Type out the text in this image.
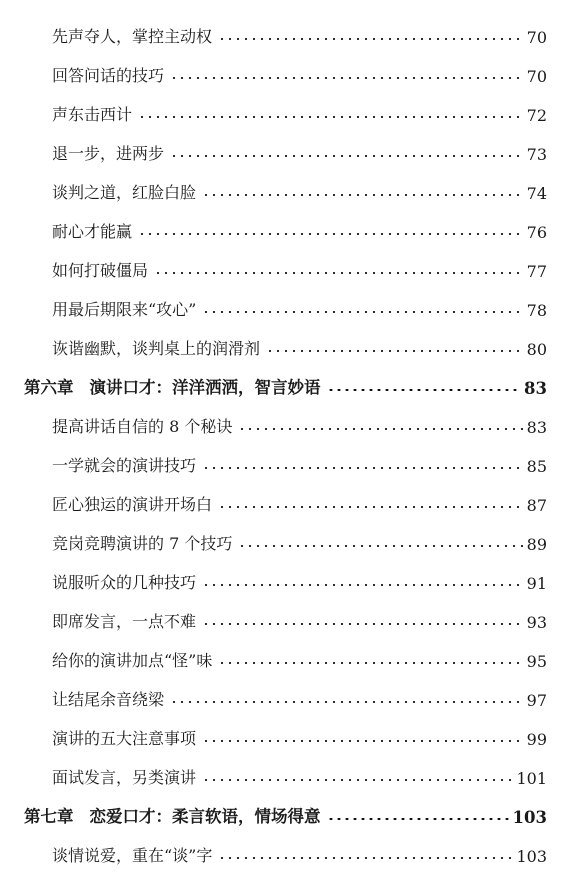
先声夺人，掌控主动权	70
回答问话的技巧	70
声东击西计	72
退一步，进两步	73
谈判之道，红脸白脸	74
耐心才能赢	76
如何打破僵局	77
用最后期限来“攻心”	78
诙谐幽默，谈判桌上的润滑剂	80
第六章 演讲口才：洋洋洒洒，智言妙语	83
提高讲话自信的 8 个秘诀	83
一学就会的演讲技巧	85
匠心独运的演讲开场白	87
竞岗竞聘演讲的 7 个技巧	89
说服听众的几种技巧	91
即席发言，一点不难	93
给你的演讲加点“怪”味	95
让结尾余音绕梁	97
演讲的五大注意事项	99
面试发言，另类演讲	101
第七章 恋爱口才：柔言软语，情场得意	103
谈情说爱，重在“谈”字	103
